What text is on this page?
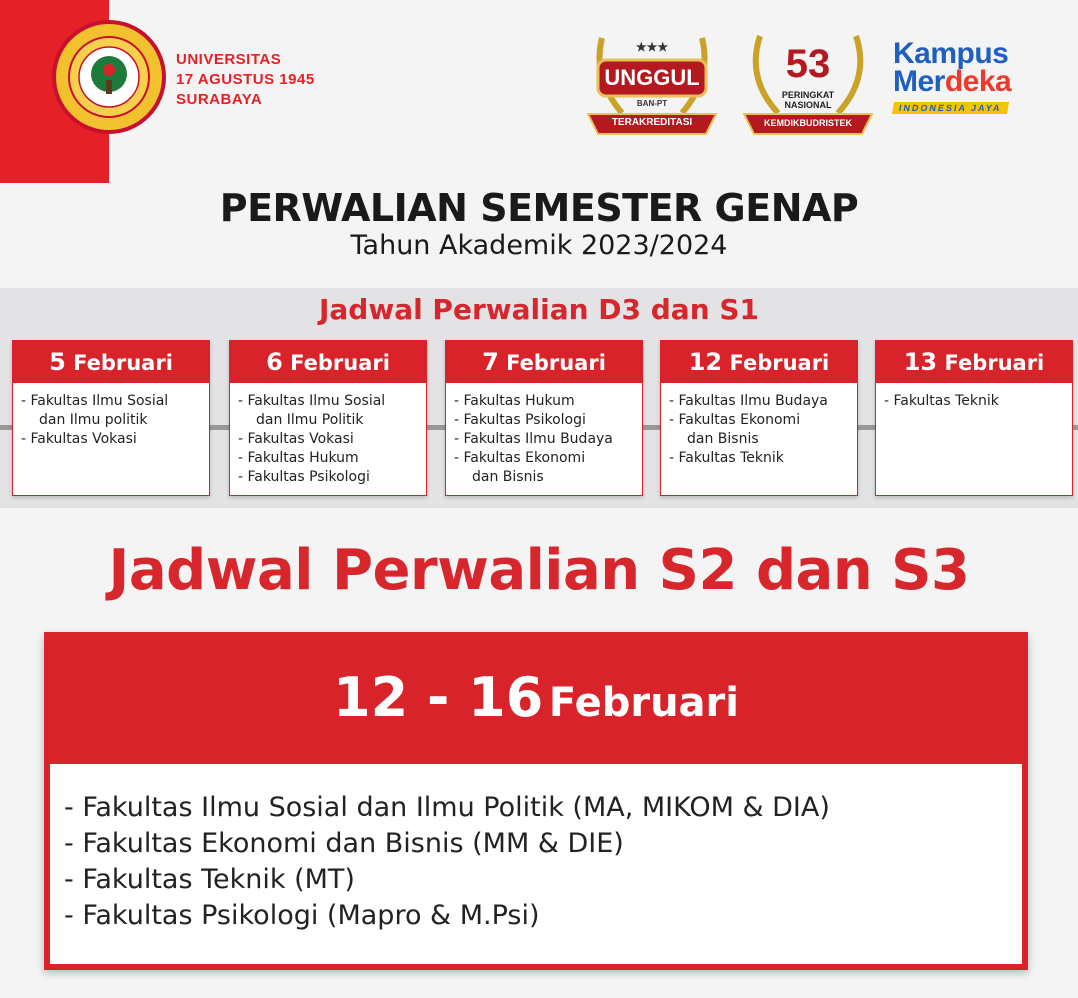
UNIVERSITAS
17 AGUSTUS 1945
SURABAYA
★★★
UNGGUL
BAN-PT
TERAKREDITASI
53
PERINGKAT
NASIONAL
KEMDIKBUDRISTEK
Kampus
Merdeka
INDONESIA JAYA
PERWALIAN SEMESTER GENAP
Tahun Akademik 2023/2024
Jadwal Perwalian D3 dan S1
5 Februari
- Fakultas Ilmu Sosial
dan Ilmu politik
- Fakultas Vokasi
6 Februari
- Fakultas Ilmu Sosial
dan Ilmu Politik
- Fakultas Vokasi
- Fakultas Hukum
- Fakultas Psikologi
7 Februari
- Fakultas Hukum
- Fakultas Psikologi
- Fakultas Ilmu Budaya
- Fakultas Ekonomi
dan Bisnis
12 Februari
- Fakultas Ilmu Budaya
- Fakultas Ekonomi
dan Bisnis
- Fakultas Teknik
13 Februari
- Fakultas Teknik
Jadwal Perwalian S2 dan S3
12 - 16 Februari
- Fakultas Ilmu Sosial dan Ilmu Politik (MA, MIKOM & DIA)
- Fakultas Ekonomi dan Bisnis (MM & DIE)
- Fakultas Teknik (MT)
- Fakultas Psikologi (Mapro & M.Psi)
